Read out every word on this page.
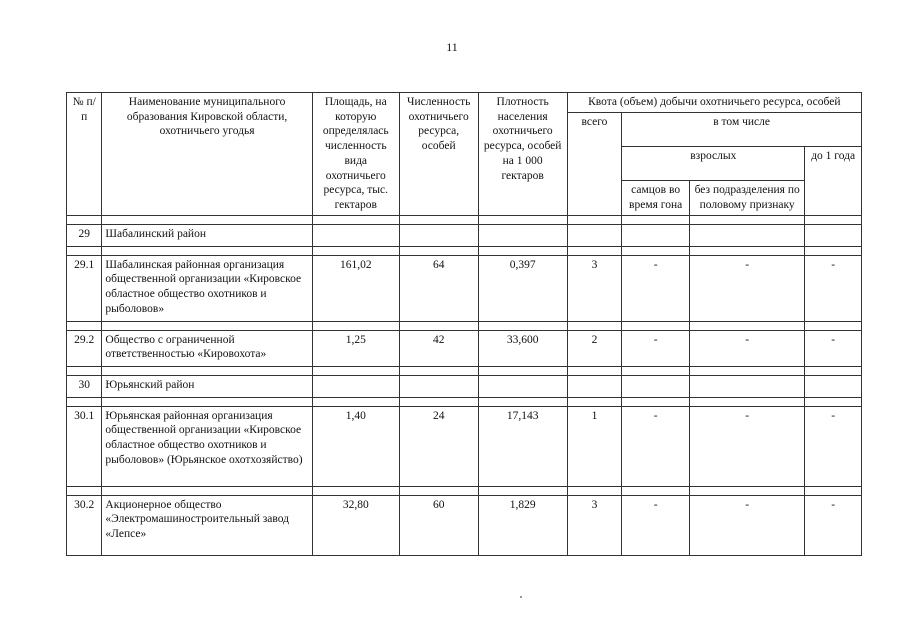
11
№ п/п	Наименование муниципального образования Кировской области, охотничьего угодья	Площадь, на которую определялась численность вида охотничьего ресурса, тыс. гектаров	Численность охотничьего ресурса, особей	Плотность населения охотничьего ресурса, особей на 1 000 гектаров	Квота (объем) добычи охотничьего ресурса, особей			
					всего	в том числе		
						взрослых		до 1 года
						самцов во время гона	без подразделения по половому признаку	

29	Шабалинский район							

29.1	Шабалинская районная организация общественной организации «Кировское областное общество охотников и рыболовов»	161,02	64	0,397	3	-	-	-

29.2	Общество с ограниченной ответственностью «Кировохота»	1,25	42	33,600	2	-	-	-

30	Юрьянский район							

30.1	Юрьянская районная организация общественной организации «Кировское областное общество охотников и рыболовов» (Юрьянское охотхозяйство)	1,40	24	17,143	1	-	-	-

30.2	Акционерное общество «Электромашиностроительный завод «Лепсе»	32,80	60	1,829	3	-	-	-
